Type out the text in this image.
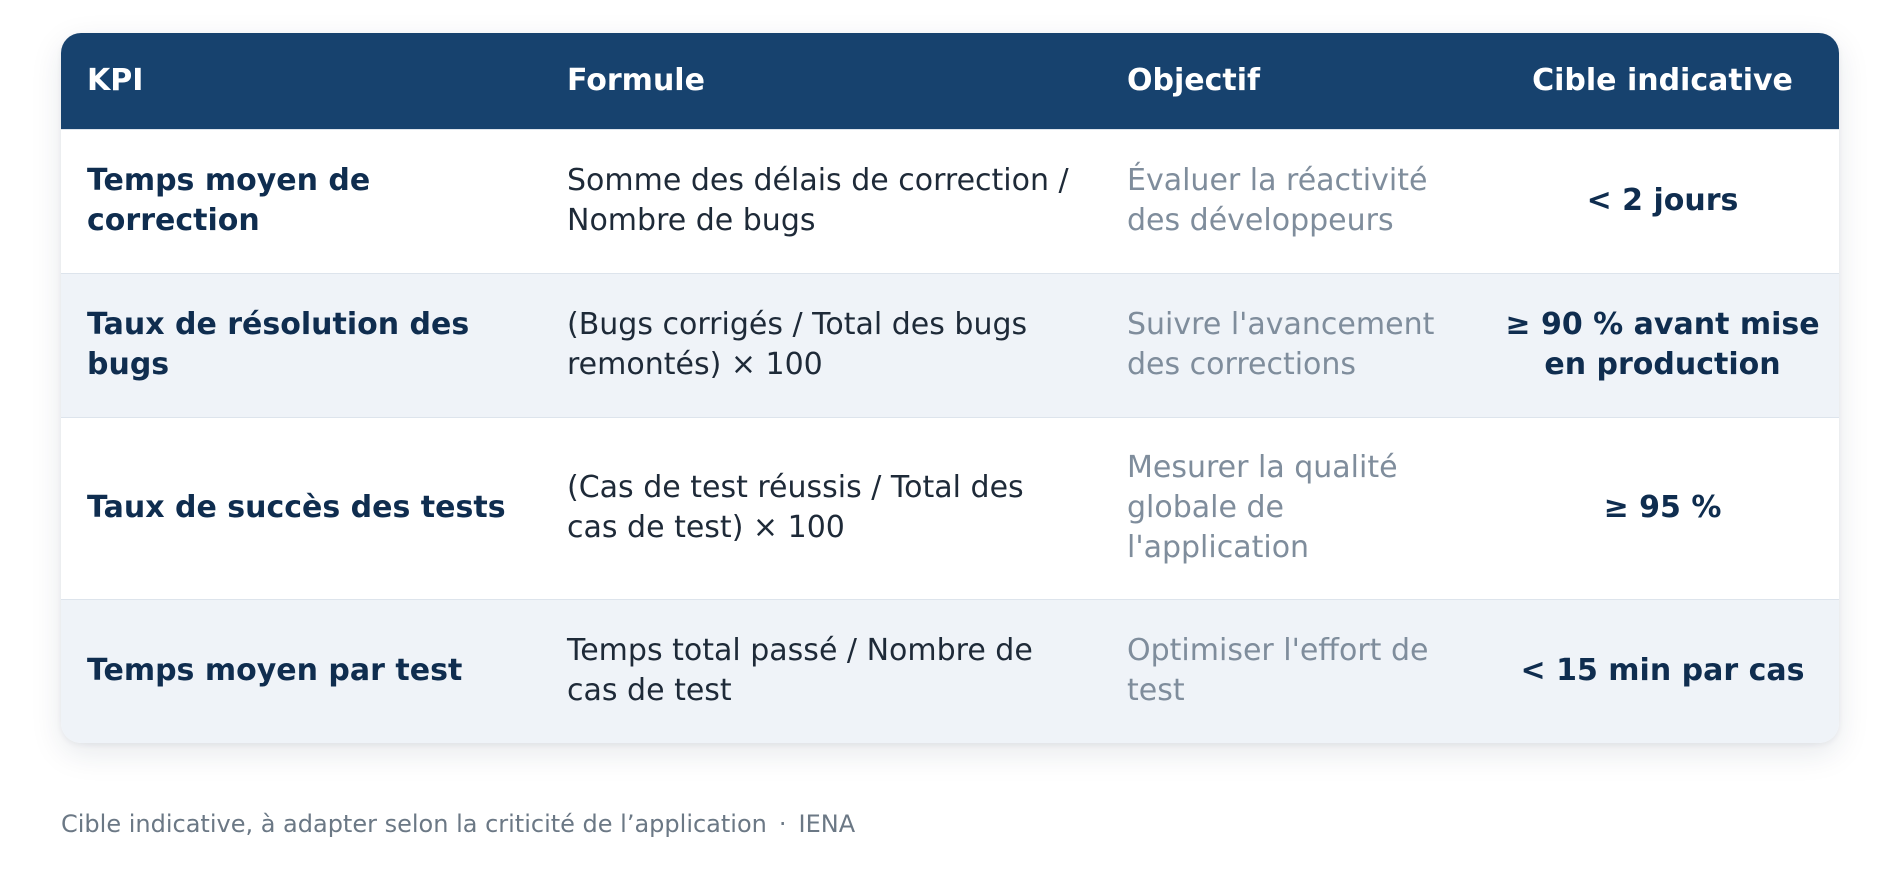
KPI	Formule	Objectif	Cible indicative
Temps moyen de correction	Somme des délais de correction / Nombre de bugs	Évaluer la réactivité des développeurs	< 2 jours
Taux de résolution des bugs	(Bugs corrigés / Total des bugs remontés) × 100	Suivre l'avancement des corrections	≥ 90 % avant mise en production
Taux de succès des tests	(Cas de test réussis / Total des cas de test) × 100	Mesurer la qualité globale de l'application	≥ 95 %
Temps moyen par test	Temps total passé / Nombre de cas de test	Optimiser l'effort de test	< 15 min par cas
Cible indicative, à adapter selon la criticité de l’application · IENA
